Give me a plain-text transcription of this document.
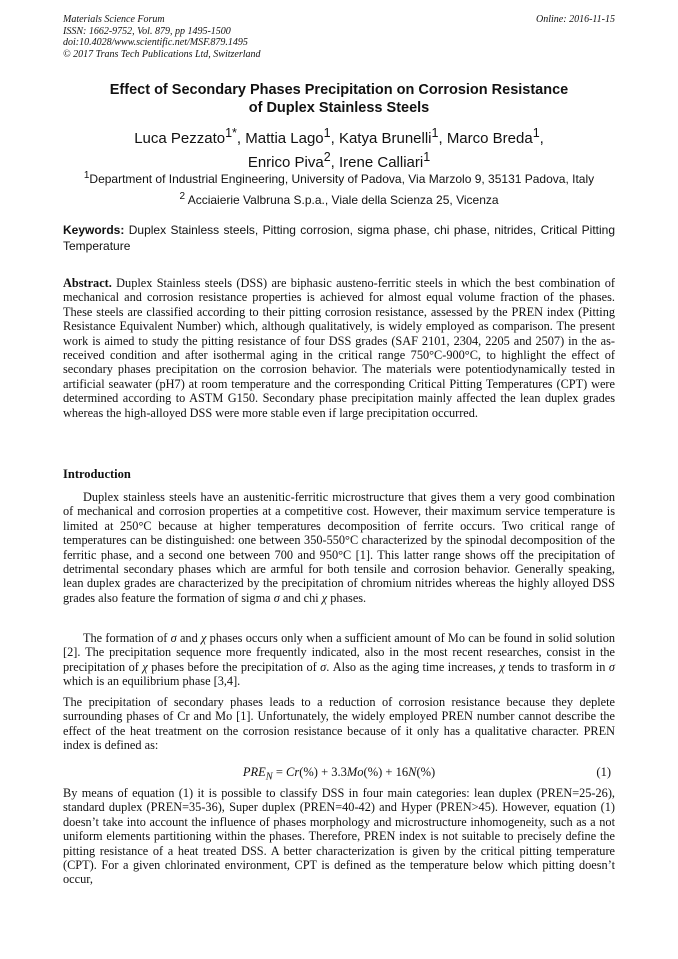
Materials Science Forum
ISSN: 1662-9752, Vol. 879, pp 1495-1500
doi:10.4028/www.scientific.net/MSF.879.1495
© 2017 Trans Tech Publications Ltd, Switzerland
Online: 2016-11-15
Effect of Secondary Phases Precipitation on Corrosion Resistance
of Duplex Stainless Steels
Luca Pezzato$^{1*}$, Mattia Lago$^1$, Katya Brunelli$^1$, Marco Breda$^1$,
Enrico Piva$^2$, Irene Calliari$^1$
$^1$Department of Industrial Engineering, University of Padova, Via Marzolo 9, 35131 Padova, Italy
$^2$ Acciaierie Valbruna S.p.a., Viale della Scienza 25, Vicenza
Keywords: Duplex Stainless steels, Pitting corrosion, sigma phase, chi phase, nitrides, Critical Pitting Temperature
Abstract. Duplex Stainless steels (DSS) are biphasic austeno-ferritic steels in which the best combination of mechanical and corrosion resistance properties is achieved for almost equal volume fraction of the phases. These steels are classified according to their pitting corrosion resistance, assessed by the PREN index (Pitting Resistance Equivalent Number) which, although qualitatively, is widely employed as comparison. The present work is aimed to study the pitting resistance of four DSS grades (SAF 2101, 2304, 2205 and 2507) in the as-received condition and after isothermal aging in the critical range 750°C-900°C, to highlight the effect of secondary phases precipitation on the corrosion behavior. The materials were potentiodynamically tested in artificial seawater (pH7) at room temperature and the corresponding Critical Pitting Temperatures (CPT) were determined according to ASTM G150. Secondary phase precipitation mainly affected the lean duplex grades whereas the high-alloyed DSS were more stable even if large precipitation occurred.
Introduction

Duplex stainless steels have an austenitic-ferritic microstructure that gives them a very good combination of mechanical and corrosion properties at a competitive cost. However, their maximum service temperature is limited at 250°C because at higher temperatures decomposition of ferrite occurs. Two critical range of temperatures can be distinguished: one between 350-550°C characterized by the spinodal decomposition of the ferritic phase, and a second one between 700 and 950°C [1]. This latter range shows off the precipitation of detrimental secondary phases which are armful for both tensile and corrosion behavior. Generally speaking, lean duplex grades are characterized by the precipitation of chromium nitrides whereas the highly alloyed DSS grades also feature the formation of sigma σ and chi χ phases.

The formation of σ and χ phases occurs only when a sufficient amount of Mo can be found in solid solution [2]. The precipitation sequence more frequently indicated, also in the most recent researches, consist in the precipitation of χ phases before the precipitation of σ. Also as the aging time increases, χ tends to trasform in σ which is an equilibrium phase [3,4].

The precipitation of secondary phases leads to a reduction of corrosion resistance because they deplete surrounding phases of Cr and Mo [1]. Unfortunately, the widely employed PREN number cannot describe the effect of the heat treatment on the corrosion resistance because of it only has a qualitative character. PREN index is defined as:

$PRE_N = Cr(\%) + 3.3Mo(\%) + 16N(\%)$	(1)

By means of equation (1) it is possible to classify DSS in four main categories: lean duplex (PREN=25-26), standard duplex (PREN=35-36), Super duplex (PREN=40-42) and Hyper (PREN>45). However, equation (1) doesn’t take into account the influence of phases morphology and microstructure inhomogeneity, such as a not uniform elements partitioning within the phases. Therefore, PREN index is not suitable to precisely define the pitting resistance of a heat treated DSS. A better characterization is given by the critical pitting temperature (CPT). For a given chlorinated environment, CPT is defined as the temperature below which pitting doesn’t occur,
